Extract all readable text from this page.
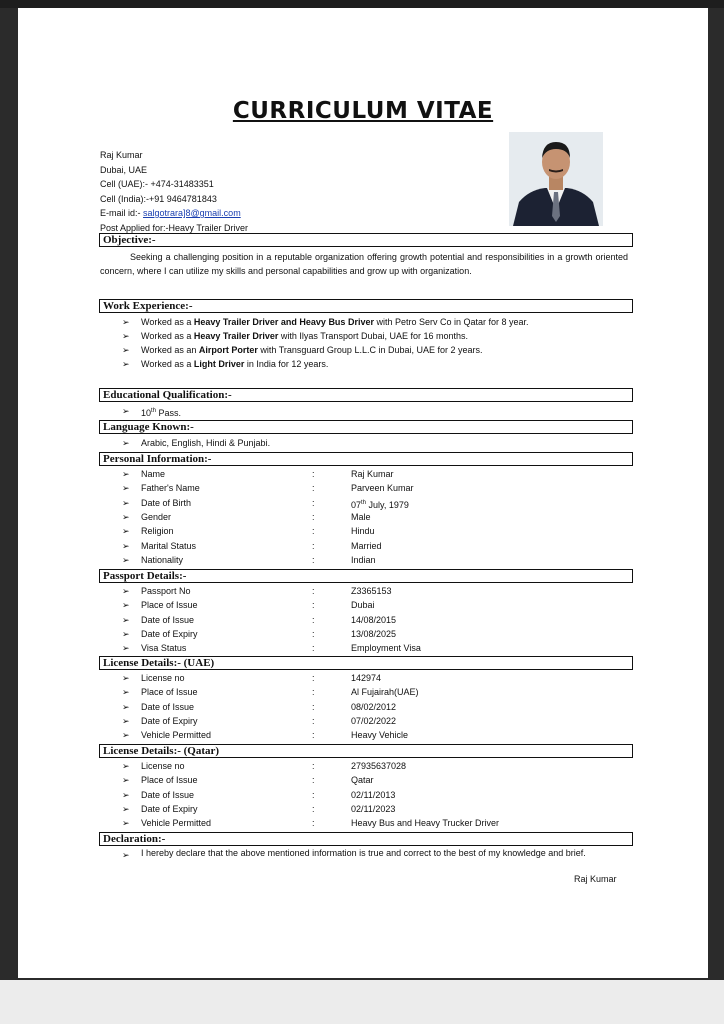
CURRICULUM VITAE
Raj Kumar
Dubai, UAE
Cell (UAE):- +474-31483351
Cell (India):-+91 9464781843
E-mail id:- salgotrara]8@gmail.com
Post Applied for:-Heavy Trailer Driver
Objective:-
Seeking a challenging position in a reputable organization offering growth potential and responsibilities in a growth oriented concern, where I can utilize my skills and personal capabilities and grow up with organization.
Work Experience:-
➢ Worked as a Heavy Trailer Driver and Heavy Bus Driver with Petro Serv Co in Qatar for 8 year.
➢ Worked as a Heavy Trailer Driver with Ilyas Transport Dubai, UAE for 16 months.
➢ Worked as an Airport Porter with Transguard Group L.L.C in Dubai, UAE for 2 years.
➢ Worked as a Light Driver in India for 12 years.
Educational Qualification:-
➢ 10th Pass.
Language Known:-
➢ Arabic, English, Hindi & Punjabi.
Personal Information:-
➢ Name	:	Raj Kumar
➢ Father's Name	:	Parveen Kumar
➢ Date of Birth	:	07th July, 1979
➢ Gender	:	Male
➢ Religion	:	Hindu
➢ Marital Status	:	Married
➢ Nationality	:	Indian
Passport Details:-
➢ Passport No	:	Z3365153
➢ Place of Issue	:	Dubai
➢ Date of Issue	:	14/08/2015
➢ Date of Expiry	:	13/08/2025
➢ Visa Status	:	Employment Visa
License Details:- (UAE)
➢ License no	:	142974
➢ Place of Issue	:	Al Fujairah(UAE)
➢ Date of Issue	:	08/02/2012
➢ Date of Expiry	:	07/02/2022
➢ Vehicle Permitted	:	Heavy Vehicle
License Details:- (Qatar)
➢ License no	:	27935637028
➢ Place of Issue	:	Qatar
➢ Date of Issue	:	02/11/2013
➢ Date of Expiry	:	02/11/2023
➢ Vehicle Permitted	:	Heavy Bus and Heavy Trucker Driver
Declaration:-
➢ I hereby declare that the above mentioned information is true and correct to the best of my knowledge and brief.
Raj Kumar
